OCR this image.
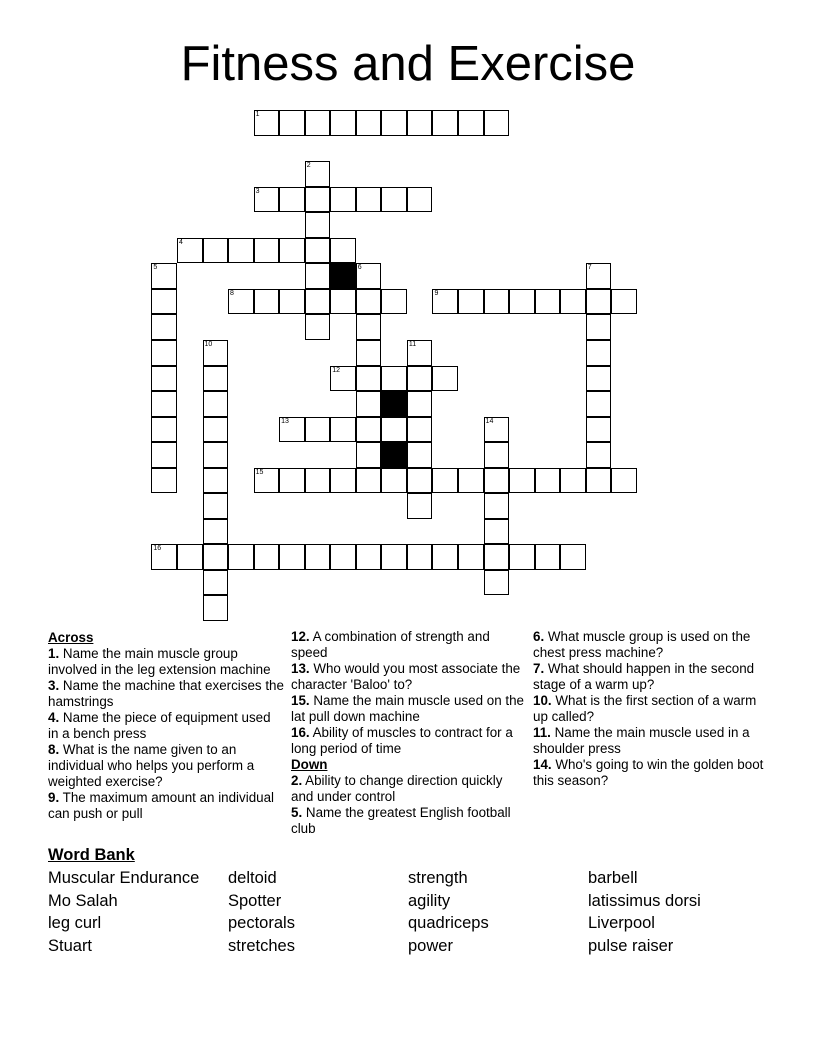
Fitness and Exercise
1
3
4
8	9
12
13
15
16
2
5	6	7
10	11
14
Across
1. Name the main muscle group involved in the leg extension machine
3. Name the machine that exercises the hamstrings
4. Name the piece of equipment used in a bench press
8. What is the name given to an individual who helps you perform a weighted exercise?
9. The maximum amount an individual can push or pull
12. A combination of strength and speed
13. Who would you most associate the character 'Baloo' to?
15. Name the main muscle used on the lat pull down machine
16. Ability of muscles to contract for a long period of time
Down
2. Ability to change direction quickly and under control
5. Name the greatest English football club
6. What muscle group is used on the chest press machine?
7. What should happen in the second stage of a warm up?
10. What is the first section of a warm up called?
11. Name the main muscle used in a shoulder press
14. Who's going to win the golden boot this season?
Word Bank
Muscular Endurance
Mo Salah
leg curl
Stuart
deltoid
Spotter
pectorals
stretches
strength
agility
quadriceps
power
barbell
latissimus dorsi
Liverpool
pulse raiser
